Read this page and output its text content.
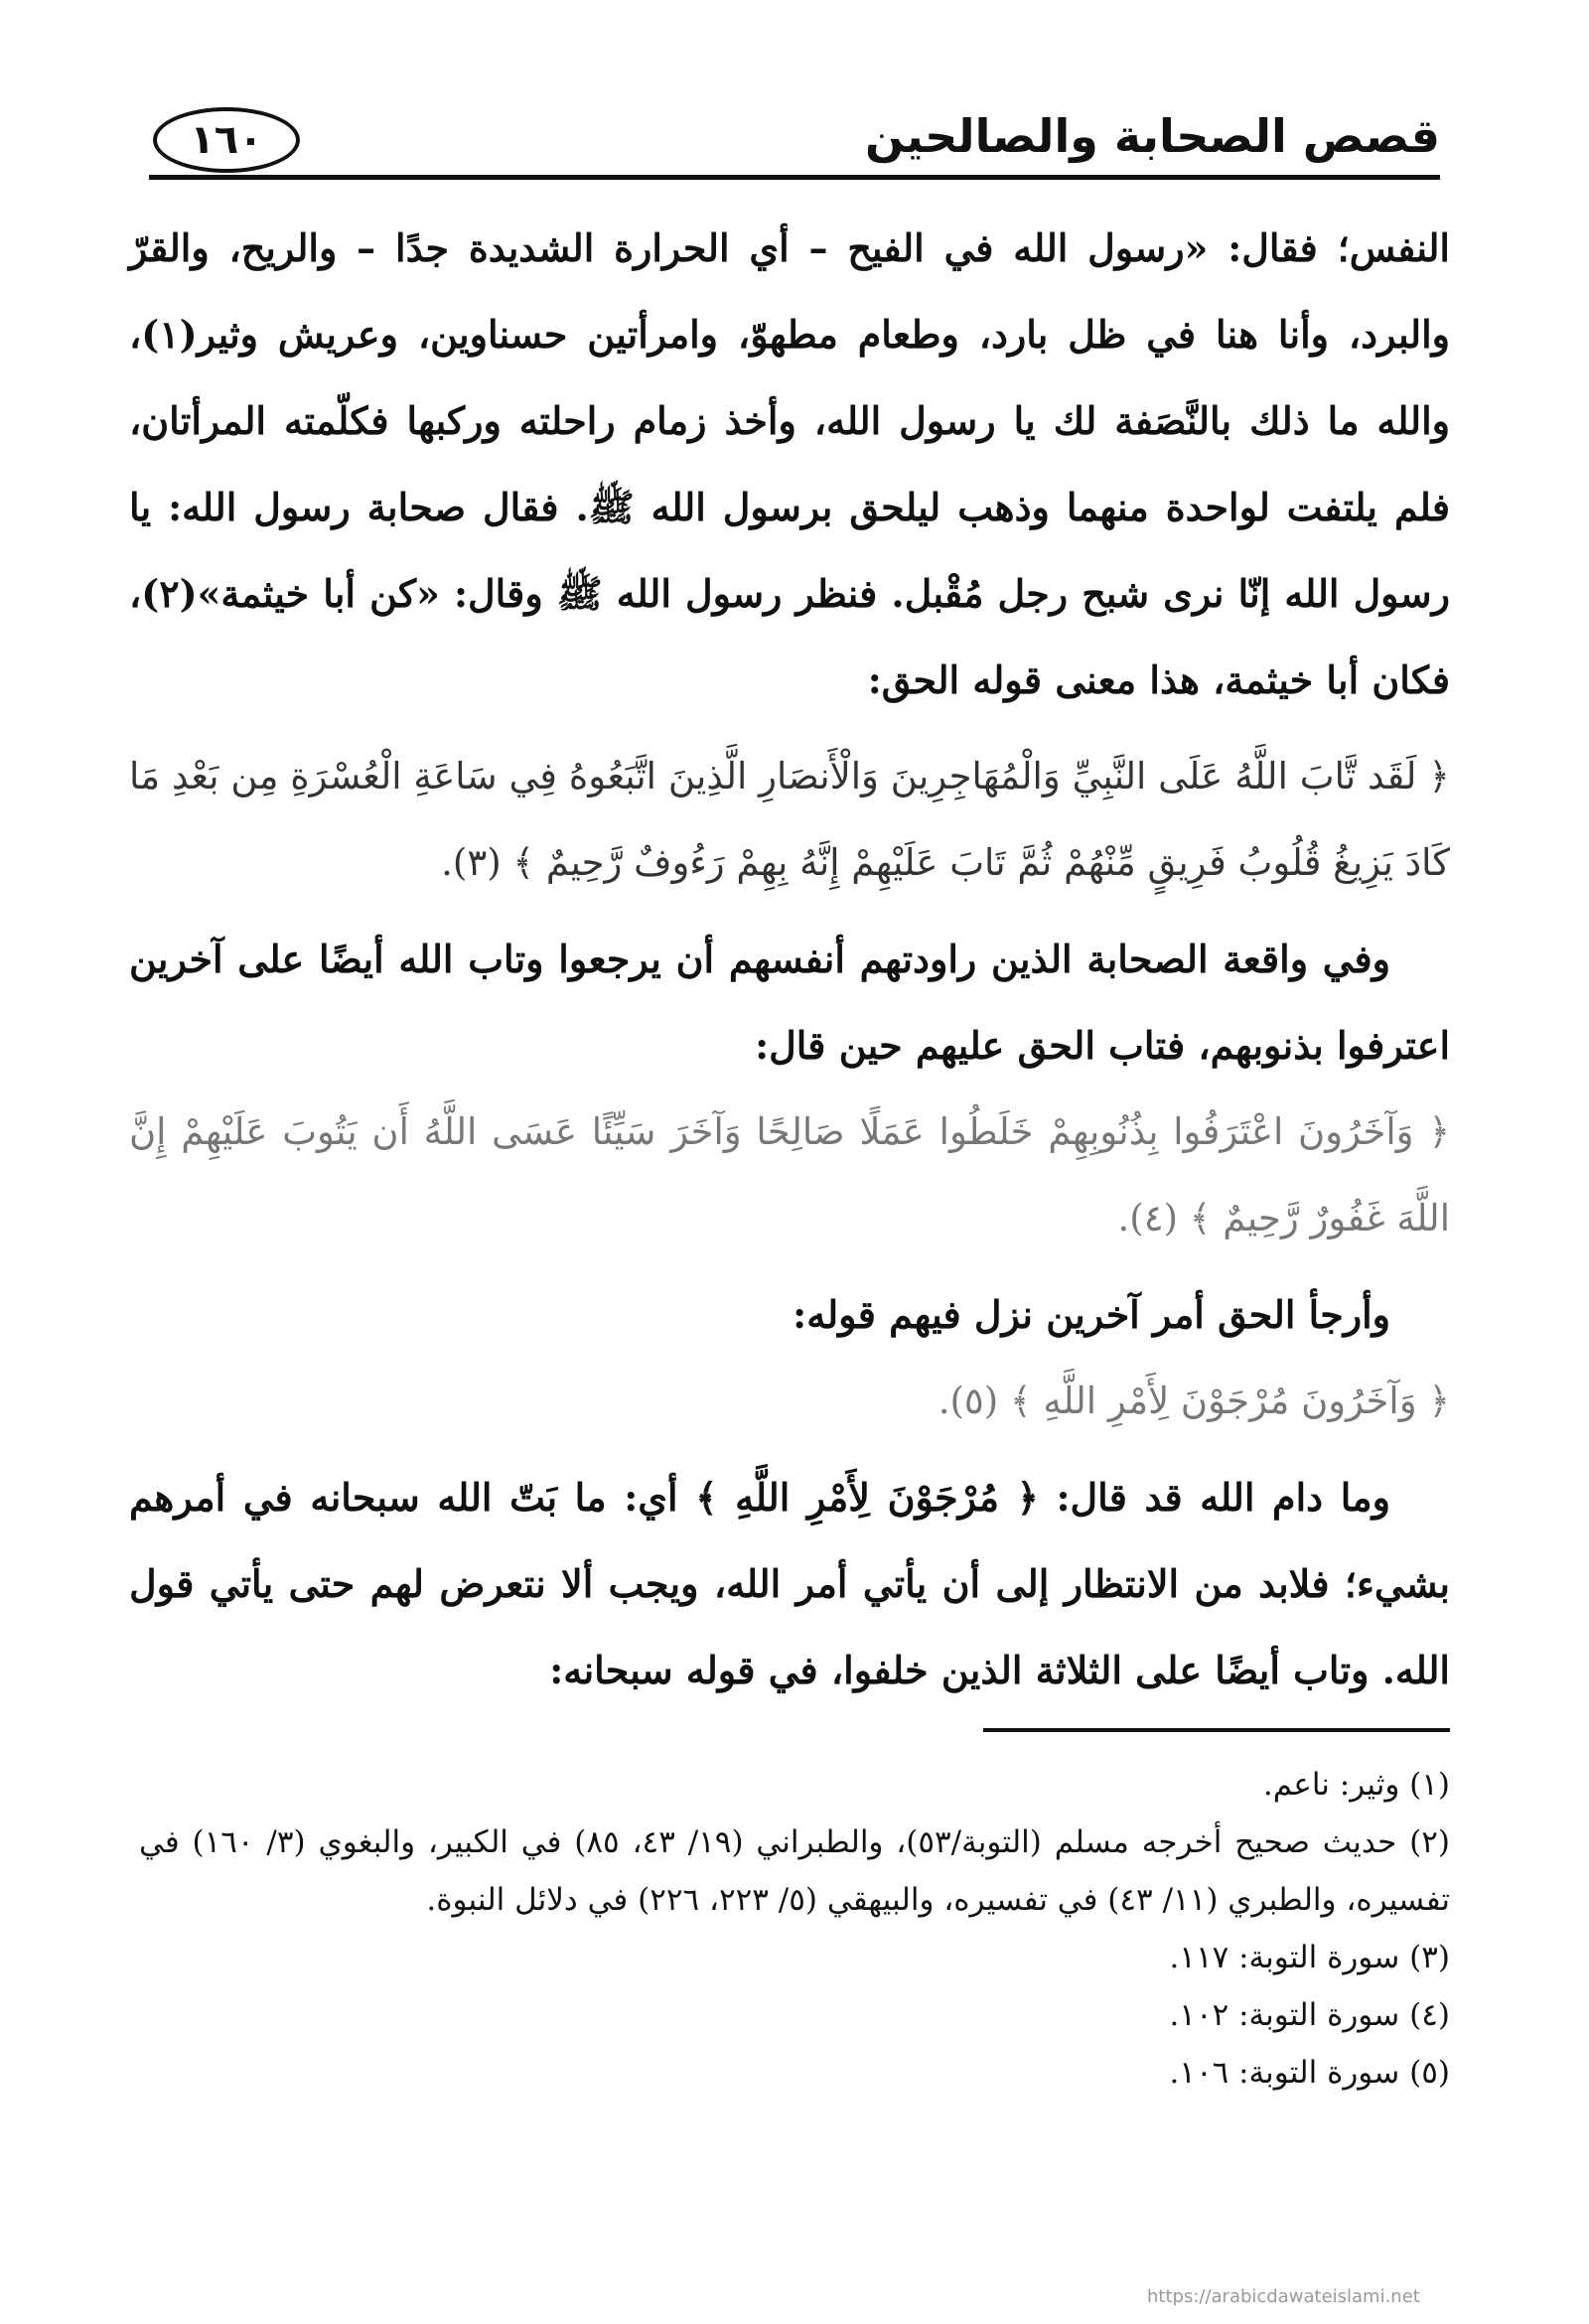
قصص الصحابة والصالحين
١٦٠

النفس؛ فقال: «رسول الله في الفيح – أي الحرارة الشديدة جدًا – والريح، والقرّ والبرد، وأنا هنا في ظل بارد، وطعام مطهوّ، وامرأتين حسناوين، وعريش وثير(١)، والله ما ذلك بالنَّصَفة لك يا رسول الله، وأخذ زمام راحلته وركبها فكلّمته المرأتان، فلم يلتفت لواحدة منهما وذهب ليلحق برسول الله ﷺ. فقال صحابة رسول الله: يا رسول الله إنّا نرى شبح رجل مُقْبل. فنظر رسول الله ﷺ وقال: «كن أبا خيثمة»(٢)، فكان أبا خيثمة، هذا معنى قوله الحق:

﴿ لَقَد تَّابَ اللَّهُ عَلَى النَّبِيِّ وَالْمُهَاجِرِينَ وَالْأَنصَارِ الَّذِينَ اتَّبَعُوهُ فِي سَاعَةِ الْعُسْرَةِ مِن بَعْدِ مَا كَادَ يَزِيغُ قُلُوبُ فَرِيقٍ مِّنْهُمْ ثُمَّ تَابَ عَلَيْهِمْ إِنَّهُ بِهِمْ رَءُوفٌ رَّحِيمٌ ﴾ (٣).

وفي واقعة الصحابة الذين راودتهم أنفسهم أن يرجعوا وتاب الله أيضًا على آخرين اعترفوا بذنوبهم، فتاب الحق عليهم حين قال:

﴿ وَآخَرُونَ اعْتَرَفُوا بِذُنُوبِهِمْ خَلَطُوا عَمَلًا صَالِحًا وَآخَرَ سَيِّئًا عَسَى اللَّهُ أَن يَتُوبَ عَلَيْهِمْ إِنَّ اللَّهَ غَفُورٌ رَّحِيمٌ ﴾ (٤).

وأرجأ الحق أمر آخرين نزل فيهم قوله:

﴿ وَآخَرُونَ مُرْجَوْنَ لِأَمْرِ اللَّهِ ﴾ (٥).

وما دام الله قد قال: ﴿ مُرْجَوْنَ لِأَمْرِ اللَّهِ ﴾ أي: ما بَتّ الله سبحانه في أمرهم بشيء؛ فلابد من الانتظار إلى أن يأتي أمر الله، ويجب ألا نتعرض لهم حتى يأتي قول الله. وتاب أيضًا على الثلاثة الذين خلفوا، في قوله سبحانه:

(١) وثير: ناعم.

(٢) حديث صحيح أخرجه مسلم (التوبة/٥٣)، والطبراني (١٩/ ٤٣، ٨٥) في الكبير، والبغوي (٣/ ١٦٠) في تفسيره، والطبري (١١/ ٤٣) في تفسيره، والبيهقي (٥/ ٢٢٣، ٢٢٦) في دلائل النبوة.

(٣) سورة التوبة: ١١٧.

(٤) سورة التوبة: ١٠٢.

(٥) سورة التوبة: ١٠٦.

https://arabicdawateislami.net
